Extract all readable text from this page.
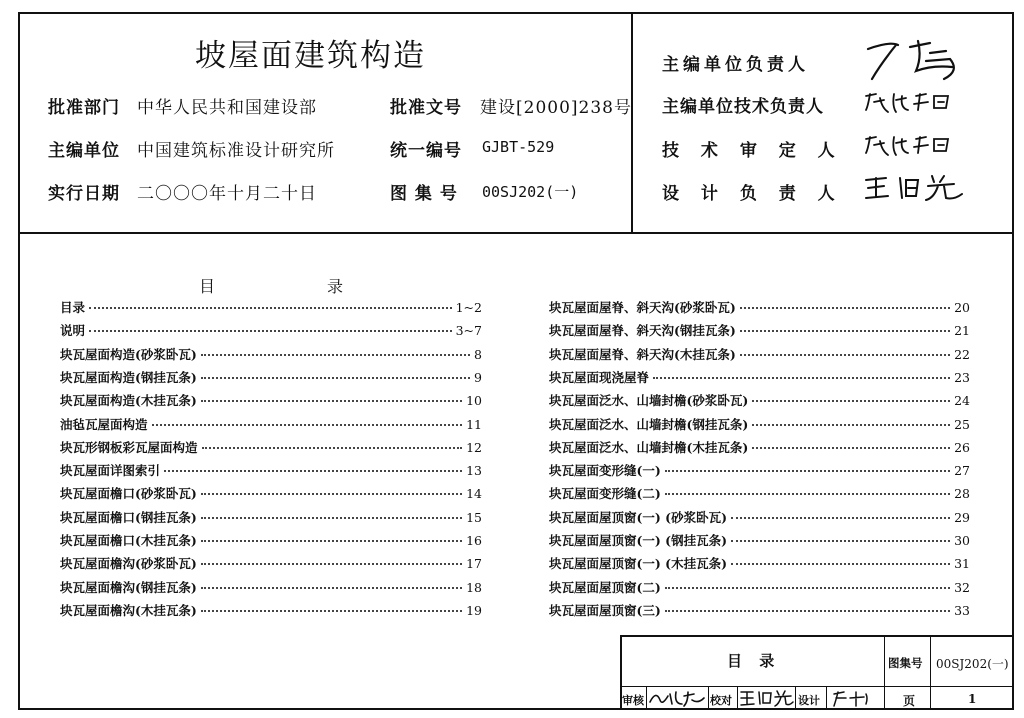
坡屋面建筑构造
批准部门 中华人民共和国建设部	批准文号 建设[2000]238号
主编单位 中国建筑标准设计研究所	统一编号 GJBT-529
实行日期 二〇〇〇年十月二十日	图 集 号 00SJ202(一)
主编单位负责人
主编单位技术负责人
技 术 审 定 人
设 计 负 责 人
目	录
目录	1~2
说明	3~7
块瓦屋面构造(砂浆卧瓦)	8
块瓦屋面构造(钢挂瓦条)	9
块瓦屋面构造(木挂瓦条)	10
油毡瓦屋面构造	11
块瓦形钢板彩瓦屋面构造	12
块瓦屋面详图索引	13
块瓦屋面檐口(砂浆卧瓦)	14
块瓦屋面檐口(钢挂瓦条)	15
块瓦屋面檐口(木挂瓦条)	16
块瓦屋面檐沟(砂浆卧瓦)	17
块瓦屋面檐沟(钢挂瓦条)	18
块瓦屋面檐沟(木挂瓦条)	19
块瓦屋面屋脊、斜天沟(砂浆卧瓦)	20
块瓦屋面屋脊、斜天沟(钢挂瓦条)	21
块瓦屋面屋脊、斜天沟(木挂瓦条)	22
块瓦屋面现浇屋脊	23
块瓦屋面泛水、山墙封檐(砂浆卧瓦)	24
块瓦屋面泛水、山墙封檐(钢挂瓦条)	25
块瓦屋面泛水、山墙封檐(木挂瓦条)	26
块瓦屋面变形缝(一)	27
块瓦屋面变形缝(二)	28
块瓦屋面屋顶窗(一) (砂浆卧瓦)	29
块瓦屋面屋顶窗(一) (钢挂瓦条)	30
块瓦屋面屋顶窗(一) (木挂瓦条)	31
块瓦屋面屋顶窗(二)	32
块瓦屋面屋顶窗(三)	33
目 录	图集号 00SJ202(一)
审核	校对	设计	页	1
